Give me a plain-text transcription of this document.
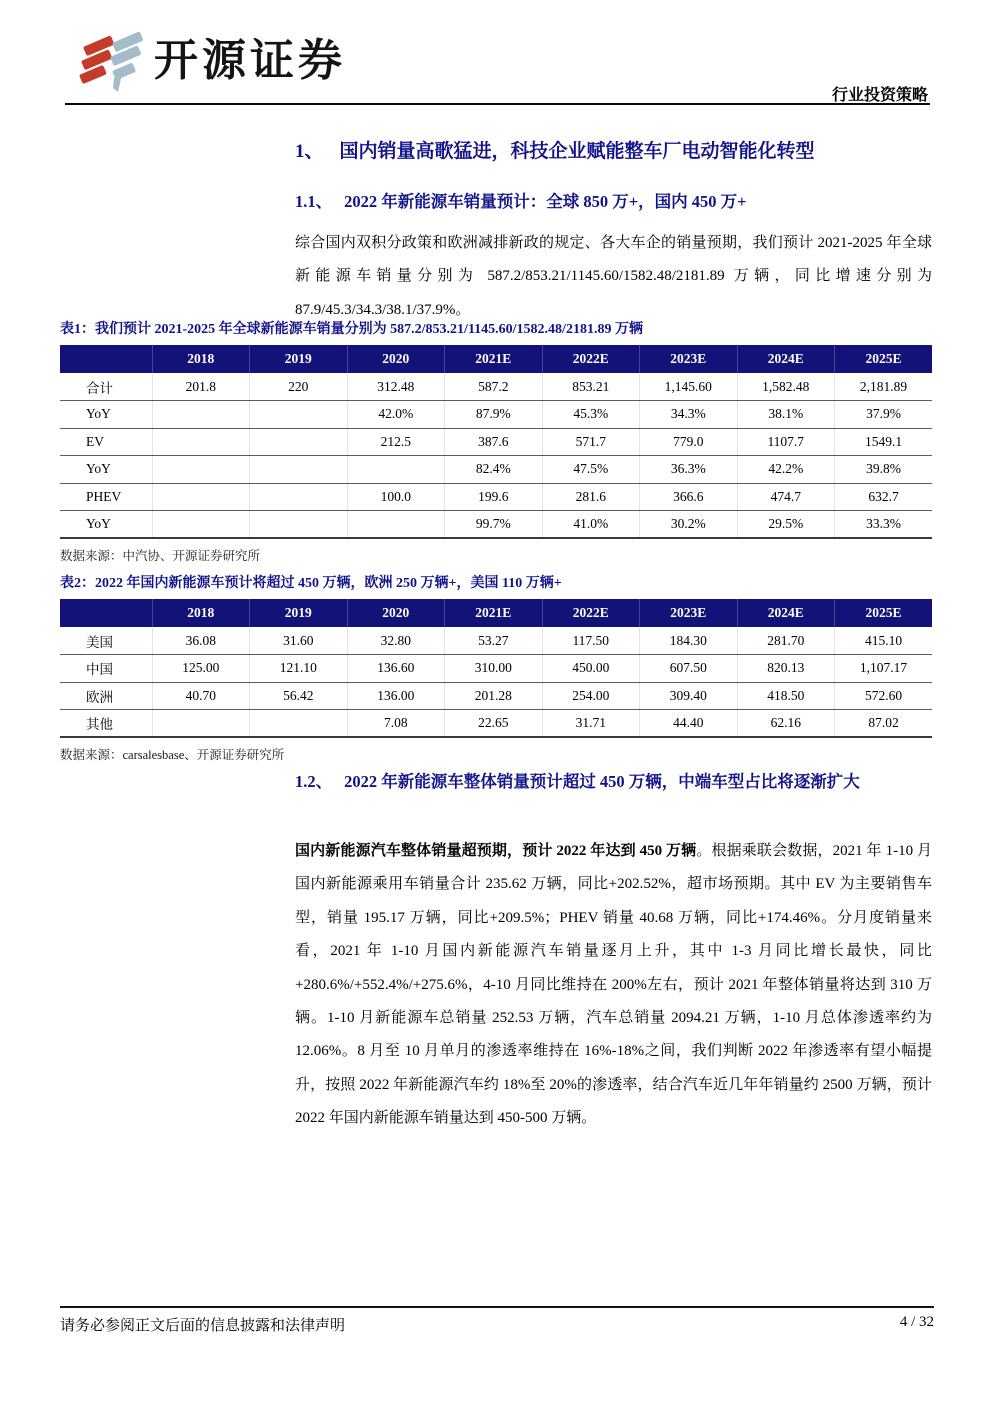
开源证券
行业投资策略
1、 国内销量高歌猛进，科技企业赋能整车厂电动智能化转型
1.1、 2022 年新能源车销量预计：全球 850 万+，国内 450 万+

综合国内双积分政策和欧洲减排新政的规定、各大车企的销量预期，我们预计 2021-2025 年全球新能源车销量分别为 587.2/853.21/1145.60/1582.48/2181.89 万辆，同比增速分别为 87.9/45.3/34.3/38.1/37.9%。

表1：我们预计 2021-2025 年全球新能源车销量分别为 587.2/853.21/1145.60/1582.48/2181.89 万辆
	2018	2019	2020	2021E	2022E	2023E	2024E	2025E
合计	201.8	220	312.48	587.2	853.21	1,145.60	1,582.48	2,181.89
YoY			42.0%	87.9%	45.3%	34.3%	38.1%	37.9%
EV			212.5	387.6	571.7	779.0	1107.7	1549.1
YoY				82.4%	47.5%	36.3%	42.2%	39.8%
PHEV			100.0	199.6	281.6	366.6	474.7	632.7
YoY				99.7%	41.0%	30.2%	29.5%	33.3%
数据来源：中汽协、开源证券研究所
表2：2022 年国内新能源车预计将超过 450 万辆，欧洲 250 万辆+，美国 110 万辆+
	2018	2019	2020	2021E	2022E	2023E	2024E	2025E
美国	36.08	31.60	32.80	53.27	117.50	184.30	281.70	415.10
中国	125.00	121.10	136.60	310.00	450.00	607.50	820.13	1,107.17
欧洲	40.70	56.42	136.00	201.28	254.00	309.40	418.50	572.60
其他			7.08	22.65	31.71	44.40	62.16	87.02
数据来源：carsalesbase、开源证券研究所
1.2、 2022 年新能源车整体销量预计超过 450 万辆，中端车型占比将逐渐扩大

国内新能源汽车整体销量超预期，预计 2022 年达到 450 万辆。根据乘联会数据，2021 年 1-10 月国内新能源乘用车销量合计 235.62 万辆，同比+202.52%，超市场预期。其中 EV 为主要销售车型，销量 195.17 万辆，同比+209.5%；PHEV 销量 40.68 万辆，同比+174.46%。分月度销量来看，2021 年 1-10 月国内新能源汽车销量逐月上升，其中 1-3 月同比增长最快，同比+280.6%/+552.4%/+275.6%，4-10 月同比维持在 200%左右，预计 2021 年整体销量将达到 310 万辆。1-10 月新能源车总销量 252.53 万辆，汽车总销量 2094.21 万辆，1-10 月总体渗透率约为 12.06%。8 月至 10 月单月的渗透率维持在 16%-18%之间，我们判断 2022 年渗透率有望小幅提升，按照 2022 年新能源汽车约 18%至 20%的渗透率，结合汽车近几年年销量约 2500 万辆，预计 2022 年国内新能源车销量达到 450-500 万辆。

请务必参阅正文后面的信息披露和法律声明	4 / 32
